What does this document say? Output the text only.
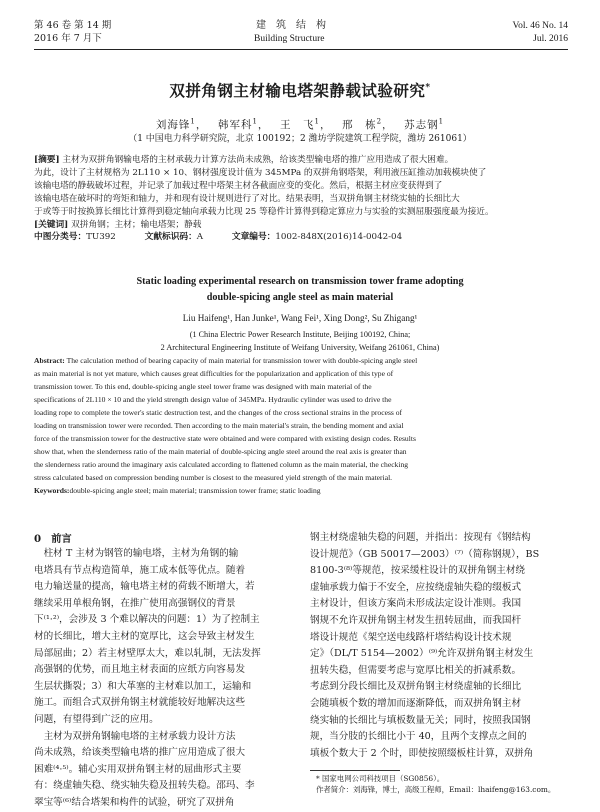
第 46 卷 第 14 期
2016 年 7 月下
建　筑　结　构
Building Structure
Vol. 46 No. 14
Jul. 2016
双拼角钢主材输电塔架静载试验研究*
刘海锋$^1$，　 韩军科$^1$，　 王　飞$^1$，　 邢　栋$^2$，　 苏志钢$^1$
（1 中国电力科学研究院，北京 100192；2 潍坊学院建筑工程学院，潍坊 261061）
[摘要] 主材为双拼角钢输电塔的主材承载力计算方法尚未成熟，给该类型输电塔的推广应用造成了很大困难。
为此，设计了主材规格为 2L110 × 10、钢材强度设计值为 345MPa 的双拼角钢塔架，利用液压缸推动加载模块使了
该输电塔的静载破坏过程，并记录了加载过程中塔架主材各截面应变的变化。然后，根据主材应变获得到了
该输电塔在破坏时的弯矩和轴力，并和现有设计规则进行了对比。结果表明，当双拼角钢主材绕实轴的长细比大
于或等于时按换算长细比计算得到稳定轴向承载力比现 25 等稳件计算得到稳定算应力与实验的实测屈服强度最为接近。
[关键词] 双拼角钢；主材；输电塔架；静载
中图分类号：TU392　　　	文献标识码：A　　　	文章编号：1002-848X(2016)14-0042-04
Static loading experimental research on transmission tower frame adopting
double-spicing angle steel as main material
Liu Haifeng¹, Han Junke¹, Wang Fei¹, Xing Dong², Su Zhigang¹
(1 China Electric Power Research Institute, Beijing 100192, China;
2 Architectural Engineering Institute of Weifang University, Weifang 261061, China)
Abstract: The calculation method of bearing capacity of main material for transmission tower with double-spicing angle steel
as main material is not yet mature, which causes great difficulties for the popularization and application of this type of
transmission tower. To this end, double-spicing angle steel tower frame was designed with main material of the
specifications of 2L110 × 10 and the yield strength design value of 345MPa. Hydraulic cylinder was used to drive the
loading rope to complete the tower's static destruction test, and the changes of the cross sectional strains in the process of
loading on transmission tower were recorded. Then according to the main material's strain, the bending moment and axial
force of the transmission tower for the destructive state were obtained and were compared with existing design codes. Results
show that, when the slenderness ratio of the main material of double-spicing angle steel around the real axis is greater than
the slenderness ratio around the imaginary axis calculated according to flattened column as the main material, the checking
stress calculated based on compression bending number is closest to the measured yield strength of the main material.
Keywords:double-spicing angle steel; main material; transmission tower frame; static loading
0　 前言
　柱材 T 主材为钢管的输电塔，主材为角钢的输
电塔具有节点构造简单，施工成本低等优点。随着
电力输送量的提高，输电塔主材的荷载不断增大，若
继续采用单根角钢，在推广使用高强钢仪的背景
下⁽¹·²⁾，会涉及 3 个难以解决的问题：1）为了控制主
材的长细比，增大主材的宽厚比，这会导致主材发生
局部屈曲；2）若主材壁厚太大，难以轧制，无法发挥
高强钢的优势，而且地主材表面的应纸方向容易发
生层状撕裂；3）和大革塞的主材难以加工，运输和
施工。而组合式双拼角钢主材就能较好地解决这些
问题，有望得到广泛的应用。
　主材为双拼角钢输电塔的主材承载力设计方法
尚未成熟，给该类型输电塔的推广应用造成了很大
困难⁽⁴·⁵⁾。辅心实用双拼角钢主材的屈曲形式主要
有：绕虚轴失稳、绕实轴失稳及扭转失稳。邵玛、李
翠宝等⁽⁶⁾结合塔架和构件的试验，研究了双拼角
钢主材绕虚轴失稳的问题，并指出：按现有《钢结构
设计规范》（GB 50017—2003）⁽⁷⁾（简称钢规），BS
8100-3⁽⁸⁾等规范，按采缓柱设计的双拼角钢主材绕
虚轴承载力偏于不安全，应按绕虚轴失稳的缀板式
主材设计，但该方案尚未形成法定设计准则。我国
钢规不允许双拼角钢主材发生扭转屈曲，而我国杆
塔设计规范《架空送电线路杆塔结构设计技术规
定》（DL/T 5154—2002）⁽⁹⁾允许双拼角钢主材发生
扭转失稳，但需要考虑与宽厚比相关的折减系数。
考虑到分段长细比及双拼角钢主材绕虚轴的长细比
会随填板个数的增加而逐渐降低，而双拼角钢主材
绕实轴的长细比与填板数量无关；同时，按照我国钢
规，当分肢的长细比小于 40，且两个支撑点之间的
填板个数大于 2 个时，即使按照缀板柱计算，双拼角
* 国家电网公司科技项目（SG0856）。
作者简介：刘海锋，博士，高级工程师，Email：lhaifeng@163.com。
